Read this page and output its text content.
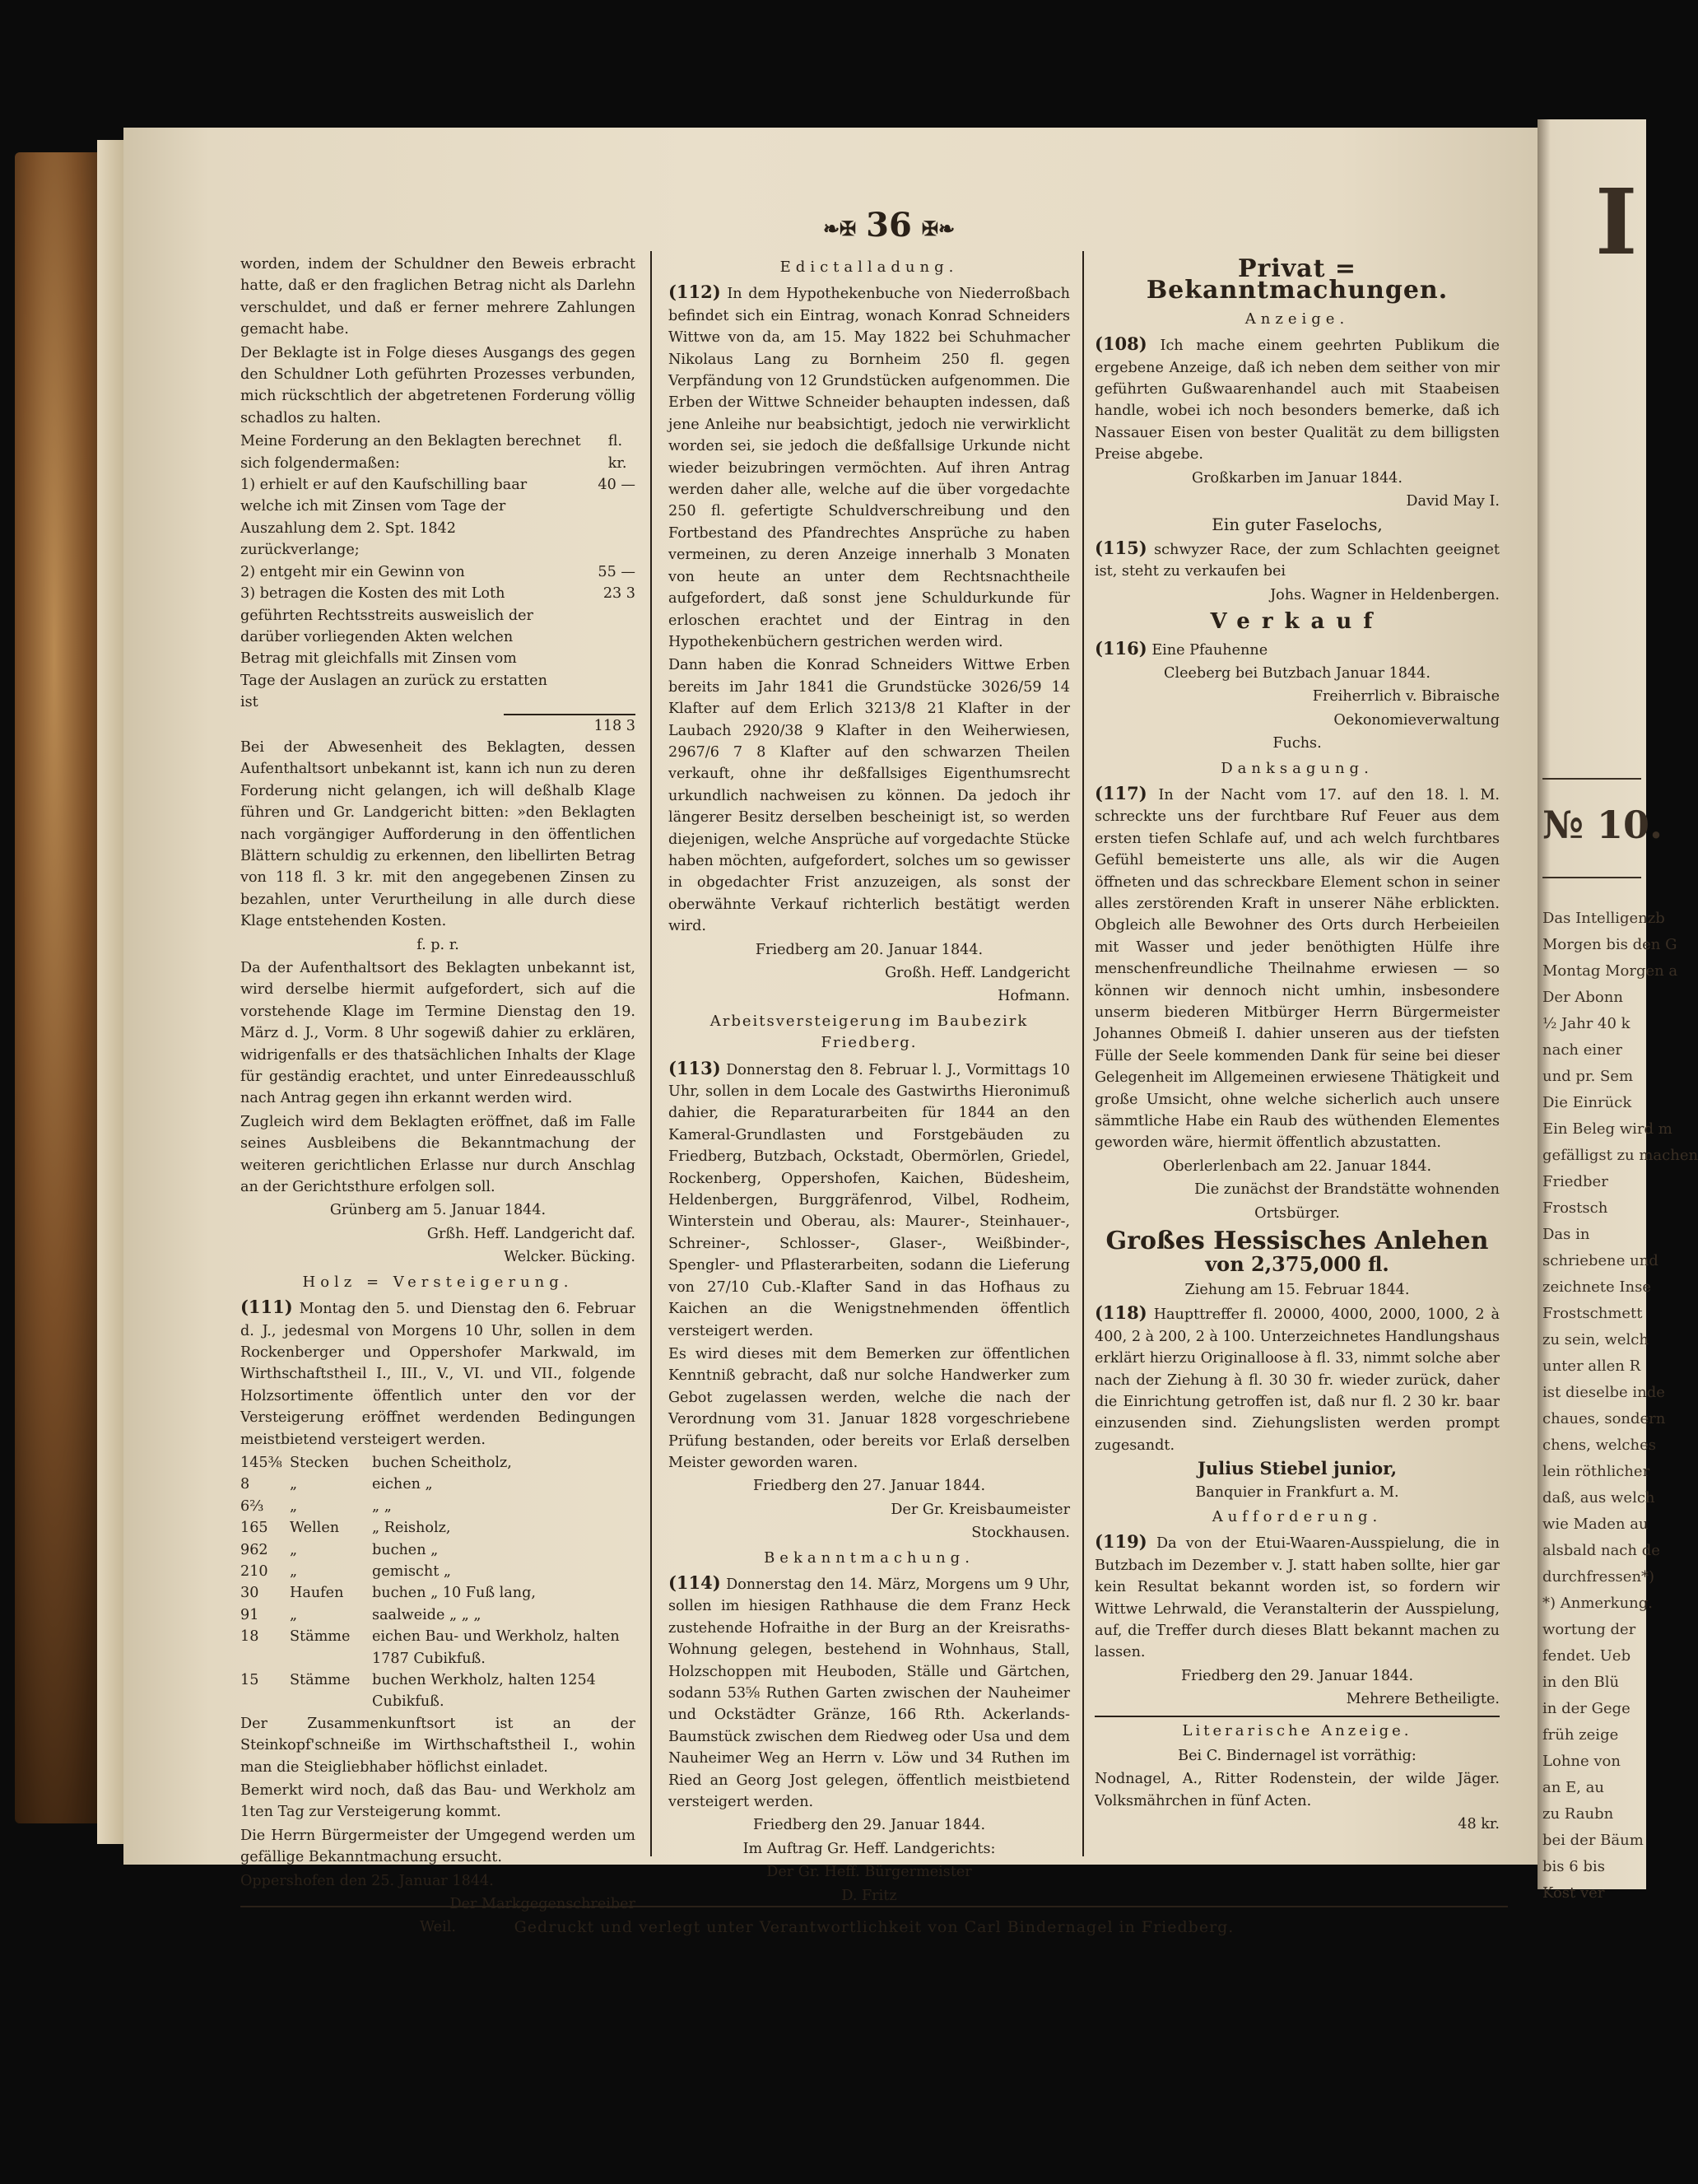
I
№ 10.
Das Intelligenzb
Morgen bis den G
Montag Morgen a
Der Abonn
½ Jahr 40 k
nach einer
und pr. Sem
Die Einrück
Ein Beleg wird m
gefälligst zu machen
Friedber
Frostsch
Das in
schriebene und
zeichnete Inse
Frostschmett
zu sein, welch
unter allen R
ist dieselbe inde
chaues, sondern
chens, welches
lein röthlicher
daß, aus welch
wie Maden au
alsbald nach de
durchfressen*)
*) Anmerkung.
wortung der
fendet. Ueb
in den Blü
in der Gege
früh zeige
Lohne von
an E, au
zu Raubn
bei der Bäum
bis 6 bis
Kost ver
❧✠ 36 ✠❧

worden, indem der Schuldner den Beweis erbracht hatte, daß er den fraglichen Betrag nicht als Darlehn verschuldet, und daß er ferner mehrere Zahlungen gemacht habe.

Der Beklagte ist in Folge dieses Ausgangs des gegen den Schuldner Loth geführten Prozesses verbunden, mich rückschtlich der abgetretenen Forderung völlig schadlos zu halten.

Meine Forderung an den Beklagten berechnet sich folgendermaßen:
fl. kr.
1) erhielt er auf den Kaufschilling baar welche ich mit Zinsen vom Tage der Auszahlung dem 2. Spt. 1842 zurückverlange;
40 —
2) entgeht mir ein Gewinn von	55 —
3) betragen die Kosten des mit Loth geführten Rechtsstreits ausweislich der darüber vorliegenden Akten welchen Betrag mit gleichfalls mit Zinsen vom Tage der Auslagen an zurück zu erstatten ist
23 3
118 3

Bei der Abwesenheit des Beklagten, dessen Aufenthaltsort unbekannt ist, kann ich nun zu deren Forderung nicht gelangen, ich will deßhalb Klage führen und Gr. Landgericht bitten: »den Beklagten nach vorgängiger Aufforderung in den öffentlichen Blättern schuldig zu erkennen, den libellirten Betrag von 118 fl. 3 kr. mit den angegebenen Zinsen zu bezahlen, unter Verurtheilung in alle durch diese Klage entstehenden Kosten.

f. p. r.

Da der Aufenthaltsort des Beklagten unbekannt ist, wird derselbe hiermit aufgefordert, sich auf die vorstehende Klage im Termine Dienstag den 19. März d. J., Vorm. 8 Uhr sogewiß dahier zu erklären, widrigenfalls er des thatsächlichen Inhalts der Klage für geständig erachtet, und unter Einredeausschluß nach Antrag gegen ihn erkannt werden wird.

Zugleich wird dem Beklagten eröffnet, daß im Falle seines Ausbleibens die Bekanntmachung der weiteren gerichtlichen Erlasse nur durch Anschlag an der Gerichtsthure erfolgen soll.

Grünberg am 5. Januar 1844.

Grßh. Heff. Landgericht daf.

Welcker. Bücking.

Holz = Versteigerung.

(111) Montag den 5. und Dienstag den 6. Februar d. J., jedesmal von Morgens 10 Uhr, sollen in dem Rockenberger und Oppershofer Markwald, im Wirthschaftstheil I., III., V., VI. und VII., folgende Holzsortimente öffentlich unter den vor der Versteigerung eröffnet werdenden Bedingungen meistbietend versteigert werden.

145⅜ Stecken	buchen Scheitholz,
8	„	eichen „
6⅔	„	„ „
165	Wellen	„ Reisholz,
962	„	buchen „
210	„	gemischt „
30	Haufen	buchen „ 10 Fuß lang,
91	„	saalweide „ „ „
18	Stämme	eichen Bau- und Werkholz, halten 1787 Cubikfuß.
15	Stämme	buchen Werkholz, halten 1254 Cubikfuß.

Der Zusammenkunftsort ist an der Steinkopf'schneiße im Wirthschaftstheil I., wohin man die Steigliebhaber höflichst einladet.

Bemerkt wird noch, daß das Bau- und Werkholz am 1ten Tag zur Versteigerung kommt.

Die Herrn Bürgermeister der Umgegend werden um gefällige Bekanntmachung ersucht.

Oppershofen den 25. Januar 1844.

Der Markgegenschreiber

Weil.

Edictalladung.

(112) In dem Hypothekenbuche von Niederroßbach befindet sich ein Eintrag, wonach Konrad Schneiders Wittwe von da, am 15. May 1822 bei Schuhmacher Nikolaus Lang zu Bornheim 250 fl. gegen Verpfändung von 12 Grundstücken aufgenommen. Die Erben der Wittwe Schneider behaupten indessen, daß jene Anleihe nur beabsichtigt, jedoch nie verwirklicht worden sei, sie jedoch die deßfallsige Urkunde nicht wieder beizubringen vermöchten. Auf ihren Antrag werden daher alle, welche auf die über vorgedachte 250 fl. gefertigte Schuldverschreibung und den Fortbestand des Pfandrechtes Ansprüche zu haben vermeinen, zu deren Anzeige innerhalb 3 Monaten von heute an unter dem Rechtsnachtheile aufgefordert, daß sonst jene Schuldurkunde für erloschen erachtet und der Eintrag in den Hypothekenbüchern gestrichen werden wird.

Dann haben die Konrad Schneiders Wittwe Erben bereits im Jahr 1841 die Grundstücke 3026/59 14 Klafter auf dem Erlich 3213/8 21 Klafter in der Laubach 2920/38 9 Klafter in den Weiherwiesen, 2967/6 7 8 Klafter auf den schwarzen Theilen verkauft, ohne ihr deßfallsiges Eigenthumsrecht urkundlich nachweisen zu können. Da jedoch ihr längerer Besitz derselben bescheinigt ist, so werden diejenigen, welche Ansprüche auf vorgedachte Stücke haben möchten, aufgefordert, solches um so gewisser in obgedachter Frist anzuzeigen, als sonst der oberwähnte Verkauf richterlich bestätigt werden wird.

Friedberg am 20. Januar 1844.

Großh. Heff. Landgericht

Hofmann.

Arbeitsversteigerung im Baubezirk Friedberg.

(113) Donnerstag den 8. Februar l. J., Vormittags 10 Uhr, sollen in dem Locale des Gastwirths Hieronimuß dahier, die Reparaturarbeiten für 1844 an den Kameral-Grundlasten und Forstgebäuden zu Friedberg, Butzbach, Ockstadt, Obermörlen, Griedel, Rockenberg, Oppershofen, Kaichen, Büdesheim, Heldenbergen, Burggräfenrod, Vilbel, Rodheim, Winterstein und Oberau, als: Maurer-, Steinhauer-, Schreiner-, Schlosser-, Glaser-, Weißbinder-, Spengler- und Pflasterarbeiten, sodann die Lieferung von 27/10 Cub.-Klafter Sand in das Hofhaus zu Kaichen an die Wenigstnehmenden öffentlich versteigert werden.

Es wird dieses mit dem Bemerken zur öffentlichen Kenntniß gebracht, daß nur solche Handwerker zum Gebot zugelassen werden, welche die nach der Verordnung vom 31. Januar 1828 vorgeschriebene Prüfung bestanden, oder bereits vor Erlaß derselben Meister geworden waren.

Friedberg den 27. Januar 1844.

Der Gr. Kreisbaumeister

Stockhausen.

Bekanntmachung.

(114) Donnerstag den 14. März, Morgens um 9 Uhr, sollen im hiesigen Rathhause die dem Franz Heck zustehende Hofraithe in der Burg an der Kreisraths-Wohnung gelegen, bestehend in Wohnhaus, Stall, Holzschoppen mit Heuboden, Ställe und Gärtchen, sodann 53⅝ Ruthen Garten zwischen der Nauheimer und Ockstädter Gränze, 166 Rth. Ackerlands-Baumstück zwischen dem Riedweg oder Usa und dem Nauheimer Weg an Herrn v. Löw und 34 Ruthen im Ried an Georg Jost gelegen, öffentlich meistbietend versteigert werden.

Friedberg den 29. Januar 1844.

Im Auftrag Gr. Heff. Landgerichts:

Der Gr. Heff. Bürgermeister

D. Fritz

Privat = Bekanntmachungen.

Anzeige.

(108) Ich mache einem geehrten Publikum die ergebene Anzeige, daß ich neben dem seither von mir geführten Gußwaarenhandel auch mit Staabeisen handle, wobei ich noch besonders bemerke, daß ich Nassauer Eisen von bester Qualität zu dem billigsten Preise abgebe.

Großkarben im Januar 1844.

David May I.

Ein guter Faselochs,

(115) schwyzer Race, der zum Schlachten geeignet ist, steht zu verkaufen bei

Johs. Wagner in Heldenbergen.

Verkauf

(116) Eine Pfauhenne

Cleeberg bei Butzbach Januar 1844.

Freiherrlich v. Bibraische

Oekonomieverwaltung

Fuchs.

Danksagung.

(117) In der Nacht vom 17. auf den 18. l. M. schreckte uns der furchtbare Ruf Feuer aus dem ersten tiefen Schlafe auf, und ach welch furchtbares Gefühl bemeisterte uns alle, als wir die Augen öffneten und das schreckbare Element schon in seiner alles zerstörenden Kraft in unserer Nähe erblickten. Obgleich alle Bewohner des Orts durch Herbeieilen mit Wasser und jeder benöthigten Hülfe ihre menschenfreundliche Theilnahme erwiesen — so können wir dennoch nicht umhin, insbesondere unserm biederen Mitbürger Herrn Bürgermeister Johannes Obmeiß I. dahier unseren aus der tiefsten Fülle der Seele kommenden Dank für seine bei dieser Gelegenheit im Allgemeinen erwiesene Thätigkeit und große Umsicht, ohne welche sicherlich auch unsere sämmtliche Habe ein Raub des wüthenden Elementes geworden wäre, hiermit öffentlich abzustatten.

Oberlerlenbach am 22. Januar 1844.

Die zunächst der Brandstätte wohnenden

Ortsbürger.

Großes Hessisches Anlehen

von 2,375,000 fl.

Ziehung am 15. Februar 1844.

(118) Haupttreffer fl. 20000, 4000, 2000, 1000, 2 à 400, 2 à 200, 2 à 100. Unterzeichnetes Handlungshaus erklärt hierzu Originalloose à fl. 33, nimmt solche aber nach der Ziehung à fl. 30 30 fr. wieder zurück, daher die Einrichtung getroffen ist, daß nur fl. 2 30 kr. baar einzusenden sind. Ziehungslisten werden prompt zugesandt.

Julius Stiebel junior,

Banquier in Frankfurt a. M.

Aufforderung.

(119) Da von der Etui-Waaren-Ausspielung, die in Butzbach im Dezember v. J. statt haben sollte, hier gar kein Resultat bekannt worden ist, so fordern wir Wittwe Lehrwald, die Veranstalterin der Ausspielung, auf, die Treffer durch dieses Blatt bekannt machen zu lassen.

Friedberg den 29. Januar 1844.

Mehrere Betheiligte.

Literarische Anzeige.

Bei C. Bindernagel ist vorräthig:

Nodnagel, A., Ritter Rodenstein, der wilde Jäger. Volksmährchen in fünf Acten.

48 kr.

Gedruckt und verlegt unter Verantwortlichkeit von Carl Bindernagel in Friedberg.
